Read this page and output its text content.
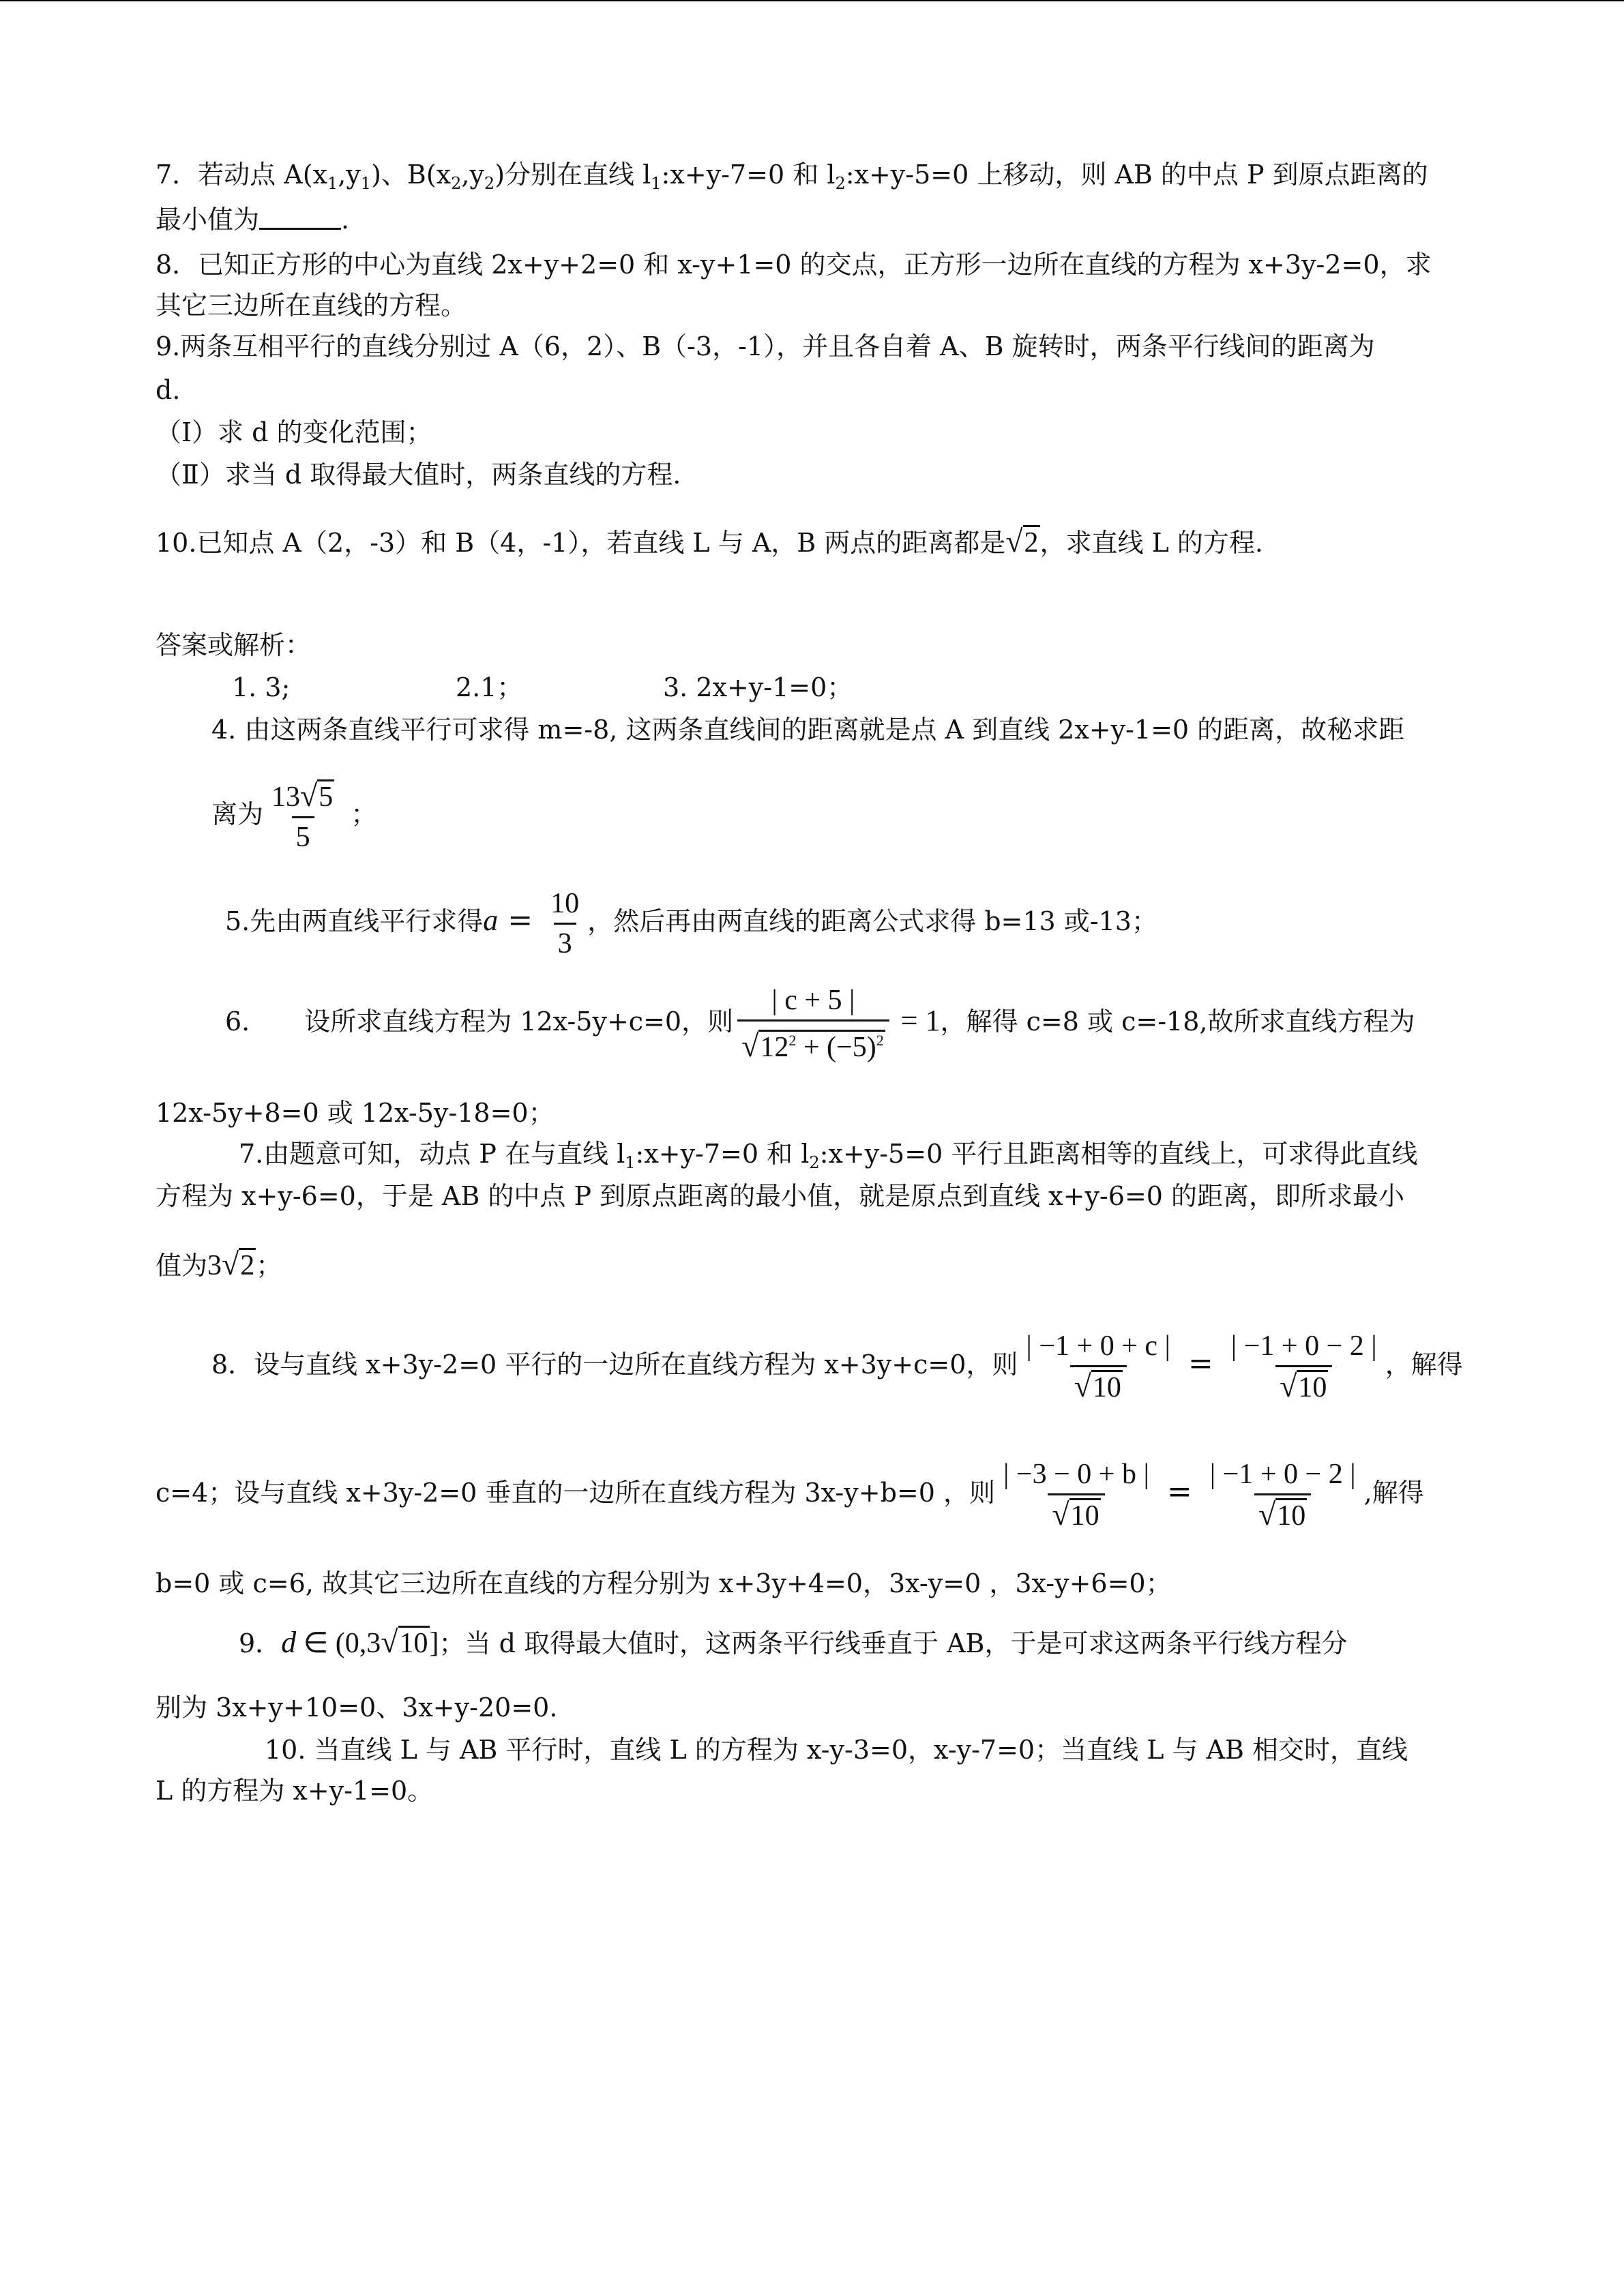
7．若动点 $A(x_1,y_1)$、$B(x_2,y_2)$分别在直线 $l_1:x+y-7=0$ 和 $l_2:x+y-5=0$ 上移动，则 AB 的中点 P 到原点距离的
最小值为	.
8．已知正方形的中心为直线 2x+y+2=0 和 x-y+1=0 的交点，正方形一边所在直线的方程为 x+3y-2=0，求
其它三边所在直线的方程。
9.两条互相平行的直线分别过 A（6，2）、B（-3，-1），并且各自着 A、B 旋转时，两条平行线间的距离为
d.
（Ⅰ）求 d 的变化范围；
（Ⅱ）求当 d 取得最大值时，两条直线的方程.
10.已知点 A（2，-3）和 B（4，-1），若直线 L 与 A，B 两点的距离都是√2，求直线 L 的方程.
答案或解析：
1. 3;	2.1；	3. 2x+y-1=0；
4. 由这两条直线平行可求得 m=-8, 这两条直线间的距离就是点 A 到直线 2x+y-1=0 的距离，故秘求距
离为 $\frac{13√5}{5}$ ；
5.先由两直线平行求得$a = \frac{10}{3}$ ，然后再由两直线的距离公式求得 b=13 或-13；
6. 设所求直线方程为 12x-5y+c=0，则 $\frac{| c + 5 |}{√12^2 + (-5)^2} = 1$，解得 c=8 或 c=-18,故所求直线方程为
12x-5y+8=0 或 12x-5y-18=0；
7.由题意可知，动点 P 在与直线 $l_1:x+y-7=0$ 和 $l_2:x+y-5=0$ 平行且距离相等的直线上，可求得此直线
方程为 x+y-6=0，于是 AB 的中点 P 到原点距离的最小值，就是原点到直线 x+y-6=0 的距离，即所求最小
值为3√2；
8．设与直线 x+3y-2=0 平行的一边所在直线方程为 x+3y+c=0，则 $\frac{| -1 + 0 + c |}{√10} = \frac{| -1 + 0 - 2 |}{√10}$ ，解得
c=4；设与直线 x+3y-2=0 垂直的一边所在直线方程为 3x-y+b=0 ，则 $\frac{| -3 - 0 + b |}{√10} = \frac{| -1 + 0 - 2 |}{√10}$ ,解得
b=0 或 c=6, 故其它三边所在直线的方程分别为 x+3y+4=0，3x-y=0 ，3x-y+6=0；
9．d ∈ (0,3√10]；当 d 取得最大值时，这两条平行线垂直于 AB，于是可求这两条平行线方程分
别为 3x+y+10=0、3x+y-20=0.
10. 当直线 L 与 AB 平行时，直线 L 的方程为 x-y-3=0，x-y-7=0；当直线 L 与 AB 相交时，直线
L 的方程为 x+y-1=0。
